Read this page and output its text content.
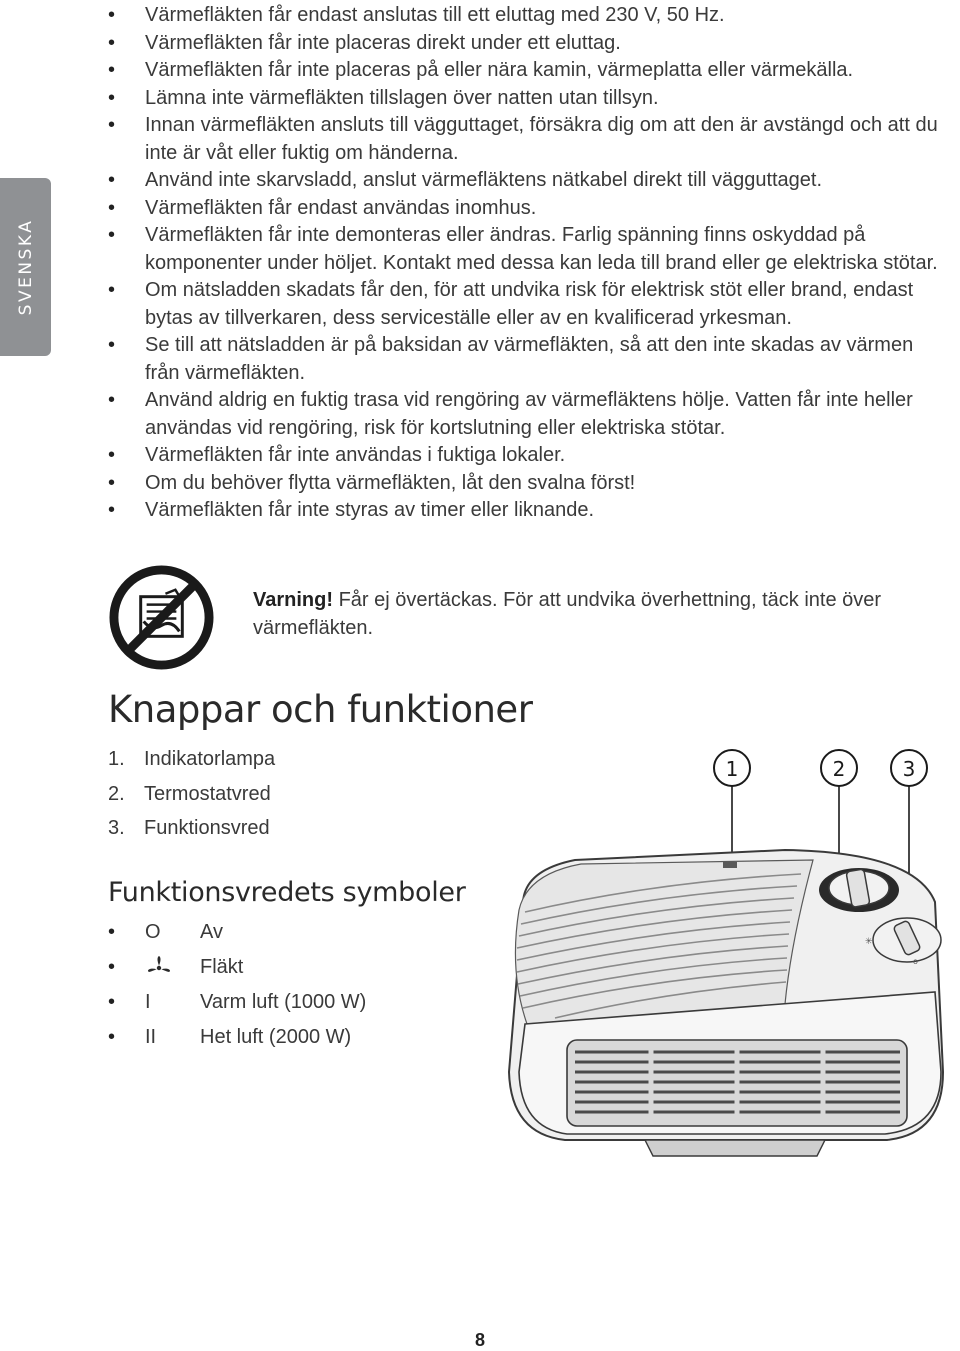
SVENSKA
• Värmefläkten får endast anslutas till ett eluttag med 230 V, 50 Hz.
• Värmefläkten får inte placeras direkt under ett eluttag.
• Värmefläkten får inte placeras på eller nära kamin, värmeplatta eller värmekälla.
• Lämna inte värmefläkten tillslagen över natten utan tillsyn.
• Innan värmefläkten ansluts till vägguttaget, försäkra dig om att den är avstängd och att du inte är våt eller fuktig om händerna.
• Använd inte skarvsladd, anslut värmefläktens nätkabel direkt till vägguttaget.
• Värmefläkten får endast användas inomhus.
• Värmefläkten får inte demonteras eller ändras. Farlig spänning finns oskyddad på komponenter under höljet. Kontakt med dessa kan leda till brand eller ge elektriska stötar.
• Om nätsladden skadats får den, för att undvika risk för elektrisk stöt eller brand, endast bytas av tillverkaren, dess serviceställe eller av en kvalificerad yrkesman.
• Se till att nätsladden är på baksidan av värmefläkten, så att den inte skadas av värmen från värmefläkten.
• Använd aldrig en fuktig trasa vid rengöring av värmefläktens hölje. Vatten får inte heller användas vid rengöring, risk för kortslutning eller elektriska stötar.
• Värmefläkten får inte användas i fuktiga lokaler.
• Om du behöver flytta värmefläkten, låt den svalna först!
• Värmefläkten får inte styras av timer eller liknande.
Varning! Får ej övertäckas. För att undvika överhettning, täck inte över värmefläkten.
Knappar och funktioner
1. Indikatorlampa
2. Termostatvred
3. Funktionsvred
Funktionsvredets symboler
• O	Av
•	Fläkt
• I	Varm luft (1000 W)
• II	Het luft (2000 W)
1	2	3
✳
o
8
